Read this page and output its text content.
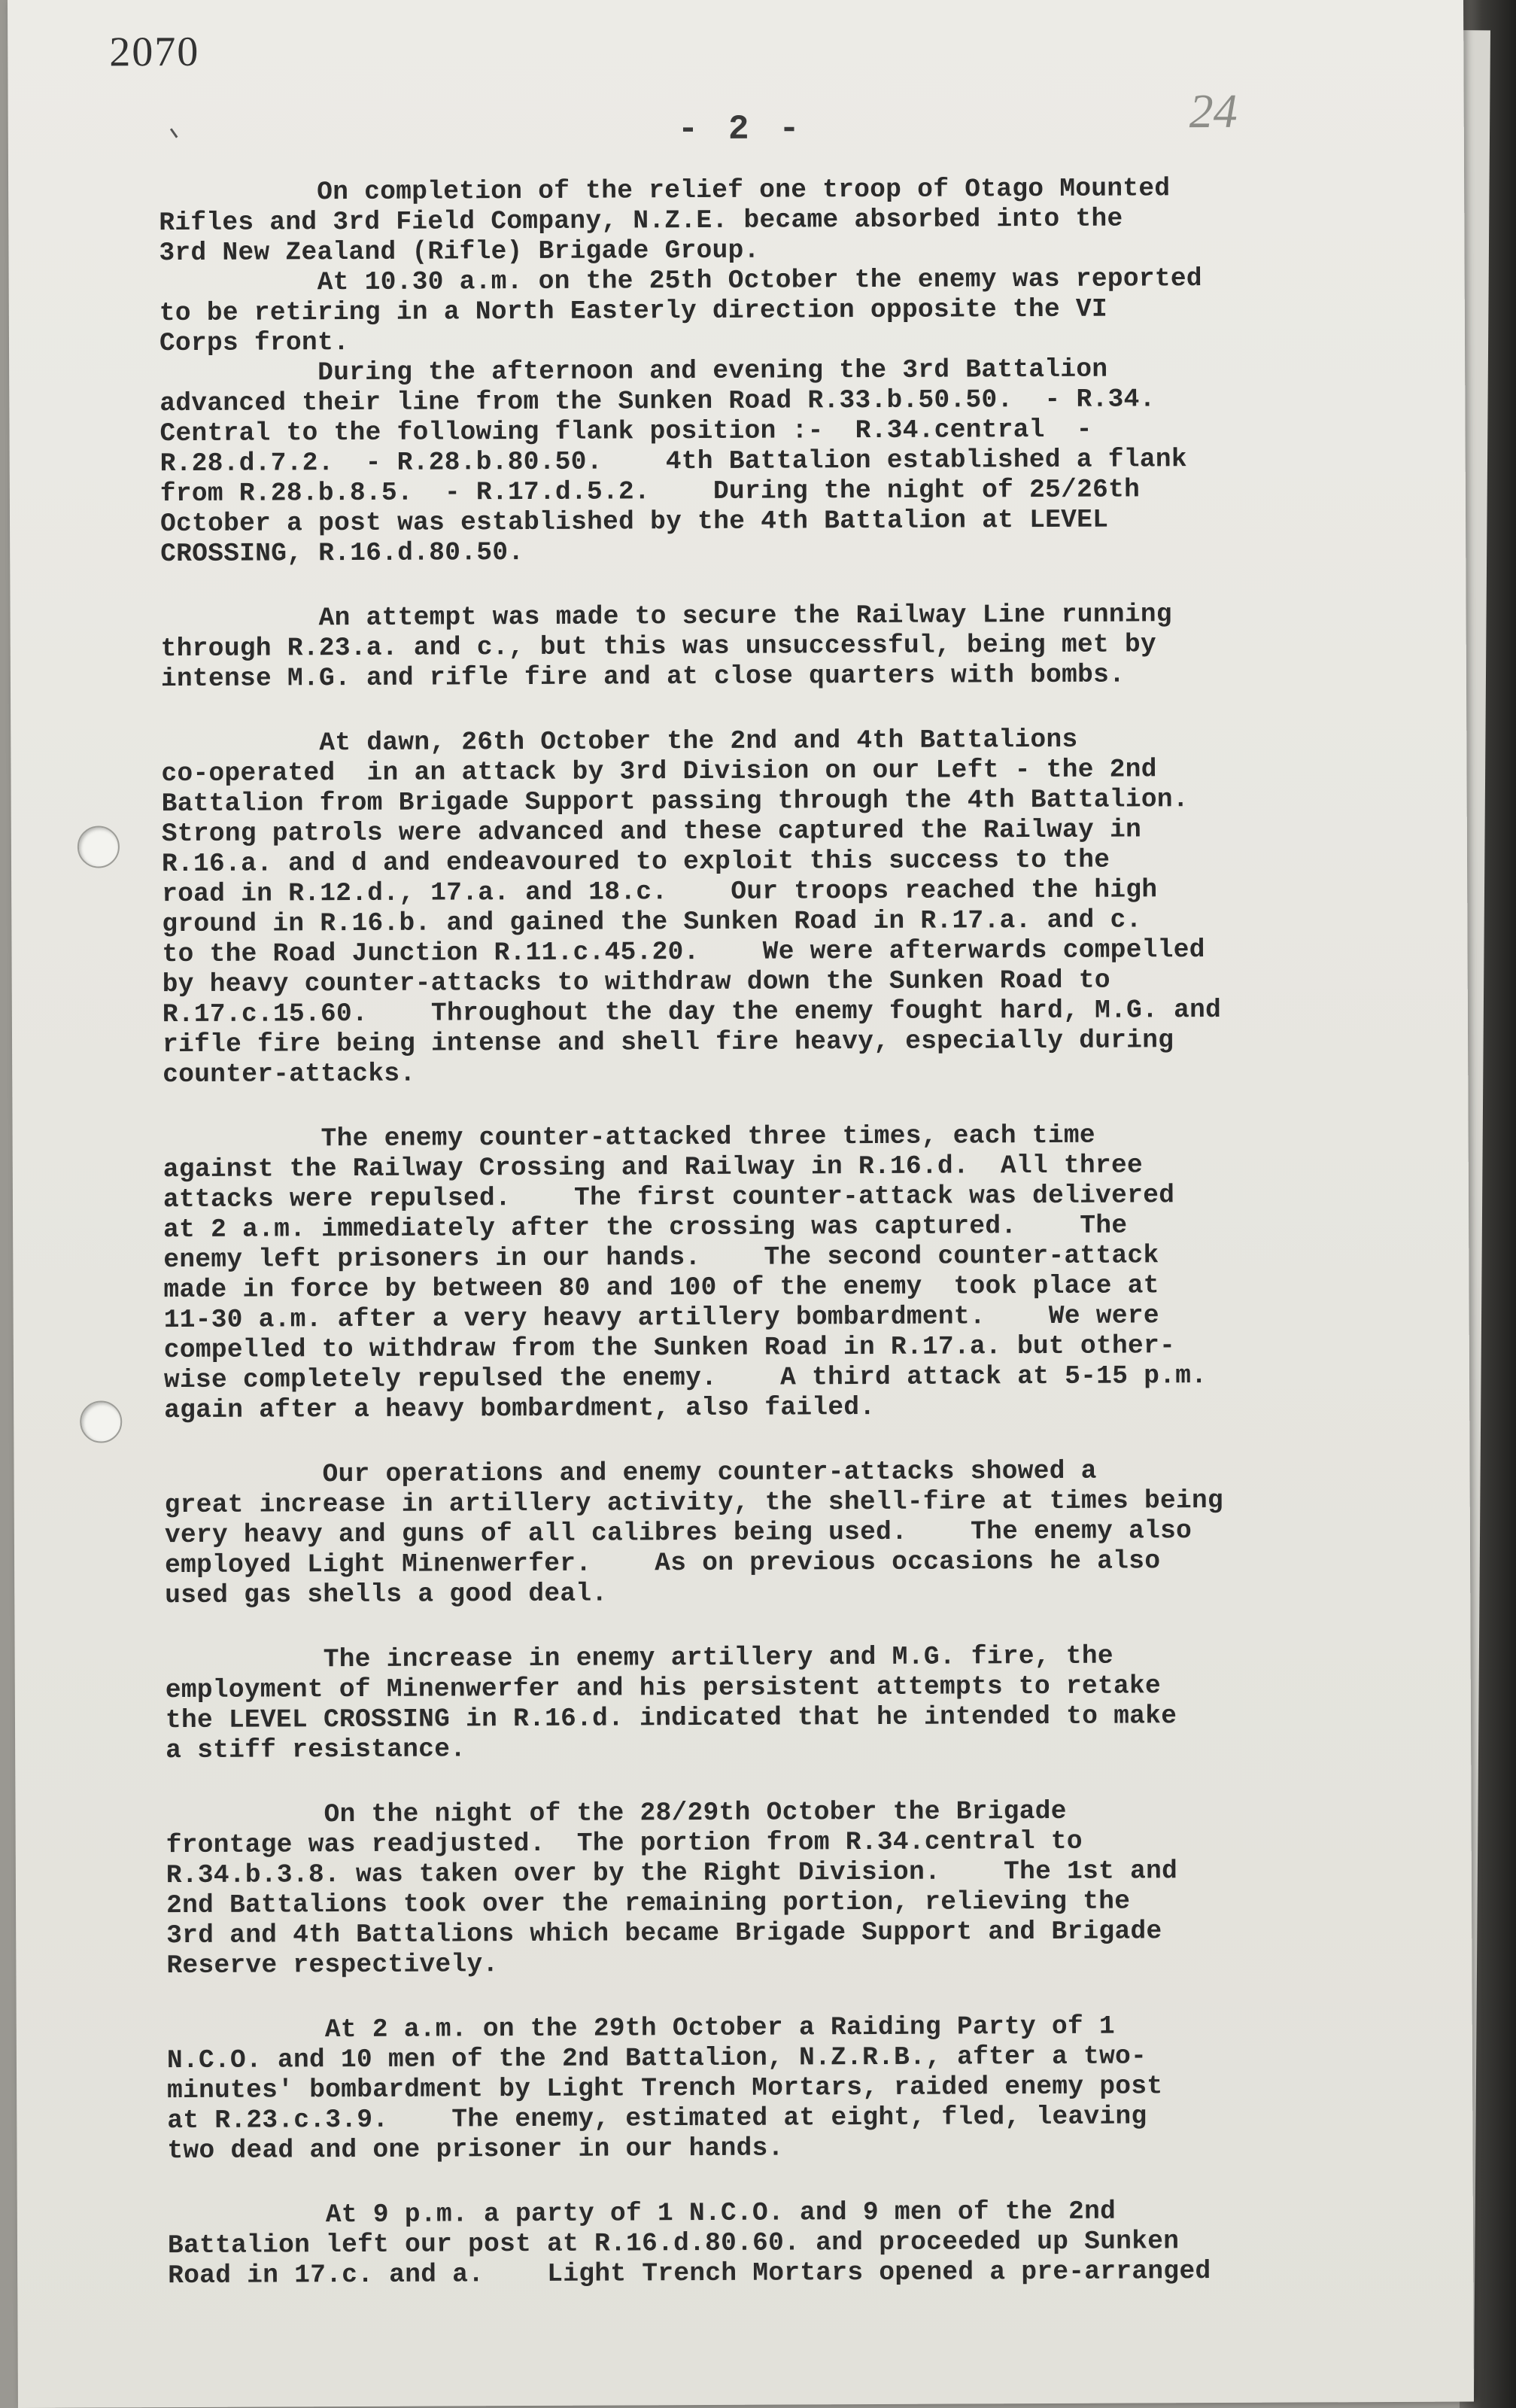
2070
24
- 2 -
On completion of the relief one troop of Otago Mounted
Rifles and 3rd Field Company, N.Z.E. became absorbed into the
3rd New Zealand (Rifle) Brigade Group.
At 10.30 a.m. on the 25th October the enemy was reported
to be retiring in a North Easterly direction opposite the VI
Corps front.
During the afternoon and evening the 3rd Battalion
advanced their line from the Sunken Road R.33.b.50.50.  - R.34.
Central to the following flank position :-  R.34.central  -
R.28.d.7.2.  - R.28.b.80.50.    4th Battalion established a flank
from R.28.b.8.5.  - R.17.d.5.2.    During the night of 25/26th
October a post was established by the 4th Battalion at LEVEL
CROSSING, R.16.d.80.50.
An attempt was made to secure the Railway Line running
through R.23.a. and c., but this was unsuccessful, being met by
intense M.G. and rifle fire and at close quarters with bombs.
At dawn, 26th October the 2nd and 4th Battalions
co-operated  in an attack by 3rd Division on our Left - the 2nd
Battalion from Brigade Support passing through the 4th Battalion.
Strong patrols were advanced and these captured the Railway in
R.16.a. and d and endeavoured to exploit this success to the
road in R.12.d., 17.a. and 18.c.    Our troops reached the high
ground in R.16.b. and gained the Sunken Road in R.17.a. and c.
to the Road Junction R.11.c.45.20.    We were afterwards compelled
by heavy counter-attacks to withdraw down the Sunken Road to
R.17.c.15.60.    Throughout the day the enemy fought hard, M.G. and
rifle fire being intense and shell fire heavy, especially during
counter-attacks.
The enemy counter-attacked three times, each time
against the Railway Crossing and Railway in R.16.d.  All three
attacks were repulsed.    The first counter-attack was delivered
at 2 a.m. immediately after the crossing was captured.    The
enemy left prisoners in our hands.    The second counter-attack
made in force by between 80 and 100 of the enemy  took place at
11-30 a.m. after a very heavy artillery bombardment.    We were
compelled to withdraw from the Sunken Road in R.17.a. but other-
wise completely repulsed the enemy.    A third attack at 5-15 p.m.
again after a heavy bombardment, also failed.
Our operations and enemy counter-attacks showed a
great increase in artillery activity, the shell-fire at times being
very heavy and guns of all calibres being used.    The enemy also
employed Light Minenwerfer.    As on previous occasions he also
used gas shells a good deal.
The increase in enemy artillery and M.G. fire, the
employment of Minenwerfer and his persistent attempts to retake
the LEVEL CROSSING in R.16.d. indicated that he intended to make
a stiff resistance.
On the night of the 28/29th October the Brigade
frontage was readjusted.  The portion from R.34.central to
R.34.b.3.8. was taken over by the Right Division.    The 1st and
2nd Battalions took over the remaining portion, relieving the
3rd and 4th Battalions which became Brigade Support and Brigade
Reserve respectively.
At 2 a.m. on the 29th October a Raiding Party of 1
N.C.O. and 10 men of the 2nd Battalion, N.Z.R.B., after a two-
minutes' bombardment by Light Trench Mortars, raided enemy post
at R.23.c.3.9.    The enemy, estimated at eight, fled, leaving
two dead and one prisoner in our hands.
At 9 p.m. a party of 1 N.C.O. and 9 men of the 2nd
Battalion left our post at R.16.d.80.60. and proceeded up Sunken
Road in 17.c. and a.    Light Trench Mortars opened a pre-arranged
